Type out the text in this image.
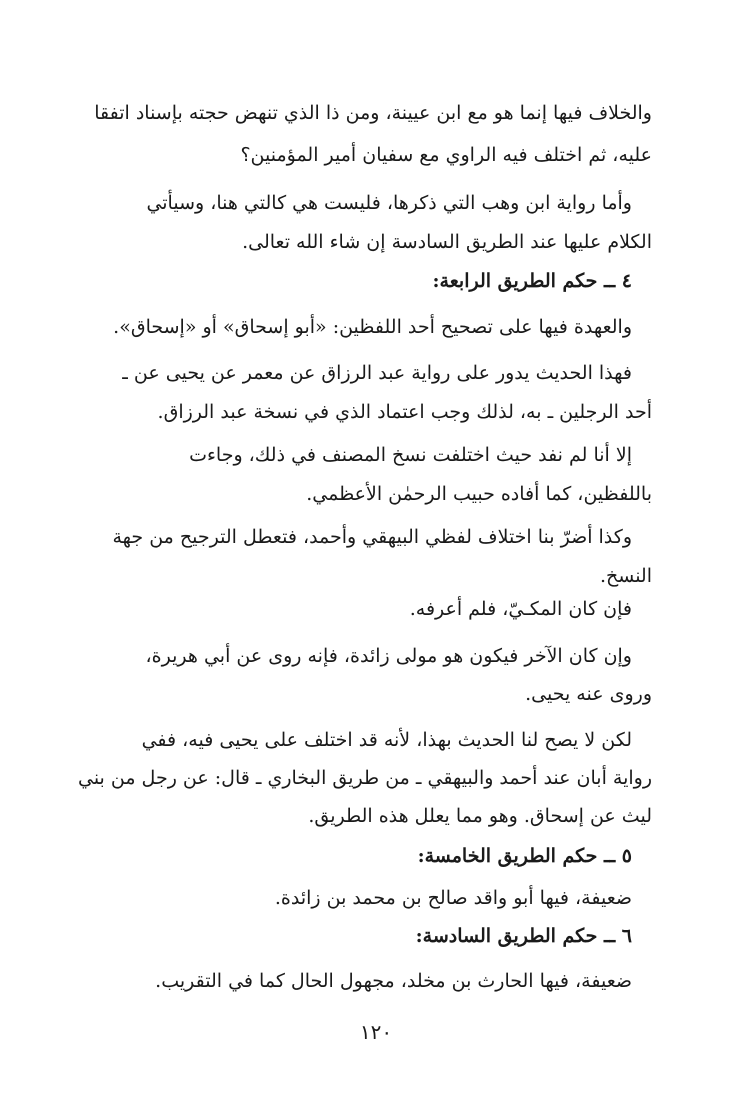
والخلاف فيها إنما هو مع ابن عيينة، ومن ذا الذي تنهض حجته بإسناد اتفقا
عليه، ثم اختلف فيه الراوي مع سفيان أمير المؤمنين؟
وأما رواية ابن وهب التي ذكرها، فليست هي كالتي هنا، وسيأتي
الكلام عليها عند الطريق السادسة إن شاء الله تعالى.
٤ ــ حكم الطريق الرابعة:
والعهدة فيها على تصحيح أحد اللفظين: «أبو إسحاق» أو «إسحاق».
فهذا الحديث يدور على رواية عبد الرزاق عن معمر عن يحيى عن ـ
أحد الرجلين ـ به، لذلك وجب اعتماد الذي في نسخة عبد الرزاق.
إلا أنا لم نفد حيث اختلفت نسخ المصنف في ذلك، وجاءت
باللفظين، كما أفاده حبيب الرحمٰن الأعظمي.
وكذا أضرّ بنا اختلاف لفظي البيهقي وأحمد، فتعطل الترجيح من جهة
النسخ.
فإن كان المكـيّ، فلم أعرفه.
وإن كان الآخر فيكون هو مولى زائدة، فإنه روى عن أبي هريرة،
وروى عنه يحيى.
لكن لا يصح لنا الحديث بهذا، لأنه قد اختلف على يحيى فيه، ففي
رواية أبان عند أحمد والبيهقي ـ من طريق البخاري ـ قال: عن رجل من بني
ليث عن إسحاق. وهو مما يعلل هذه الطريق.
٥ ــ حكم الطريق الخامسة:
ضعيفة، فيها أبو واقد صالح بن محمد بن زائدة.
٦ ــ حكم الطريق السادسة:
ضعيفة، فيها الحارث بن مخلد، مجهول الحال كما في التقريب.
١٢٠
